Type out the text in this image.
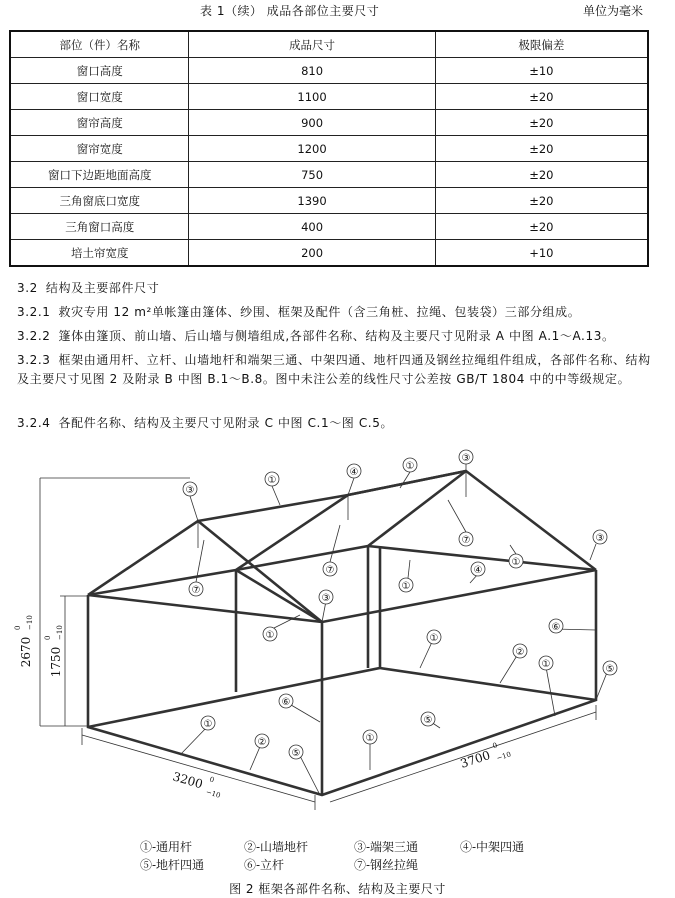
表 1（续） 成品各部位主要尺寸	单位为毫米
部位（件）名称	成品尺寸	极限偏差
窗口高度	810	±10
窗口宽度	1100	±20
窗帘高度	900	±20
窗帘宽度	1200	±20
窗口下边距地面高度	750	±20
三角窗底口宽度	1390	±20
三角窗口高度	400	±20
培土帘宽度	200	+10

3.2 结构及主要部件尺寸

3.2.1 救灾专用 12 m²单帐篷由篷体、纱围、框架及配件（含三角桩、拉绳、包装袋）三部分组成。

3.2.2 篷体由篷顶、前山墙、后山墙与侧墙组成,各部件名称、结构及主要尺寸见附录 A 中图 A.1～A.13。

3.2.3 框架由通用杆、立杆、山墙地杆和端架三通、中架四通、地杆四通及钢丝拉绳组件组成，各部件名称、结构及主要尺寸见图 2 及附录 B 中图 B.1～B.8。图中未注公差的线性尺寸公差按 GB/T 1804 中的中等级规定。

3.2.4 各配件名称、结构及主要尺寸见附录 C 中图 C.1～图 C.5。

③
①
④
①
③
⑦
⑦
⑦
①
③
①
④
③
①	①
⑥
②
①	⑤
⑥
①	⑤
②	①
⑤
2670
0 −10
1750
0 −10
3200 0
−10
3700
0
−10
①-通用杆	②-山墙地杆	③-端架三通	④-中架四通
⑤-地杆四通	⑥-立杆	⑦-钢丝拉绳
图 2 框架各部件名称、结构及主要尺寸
